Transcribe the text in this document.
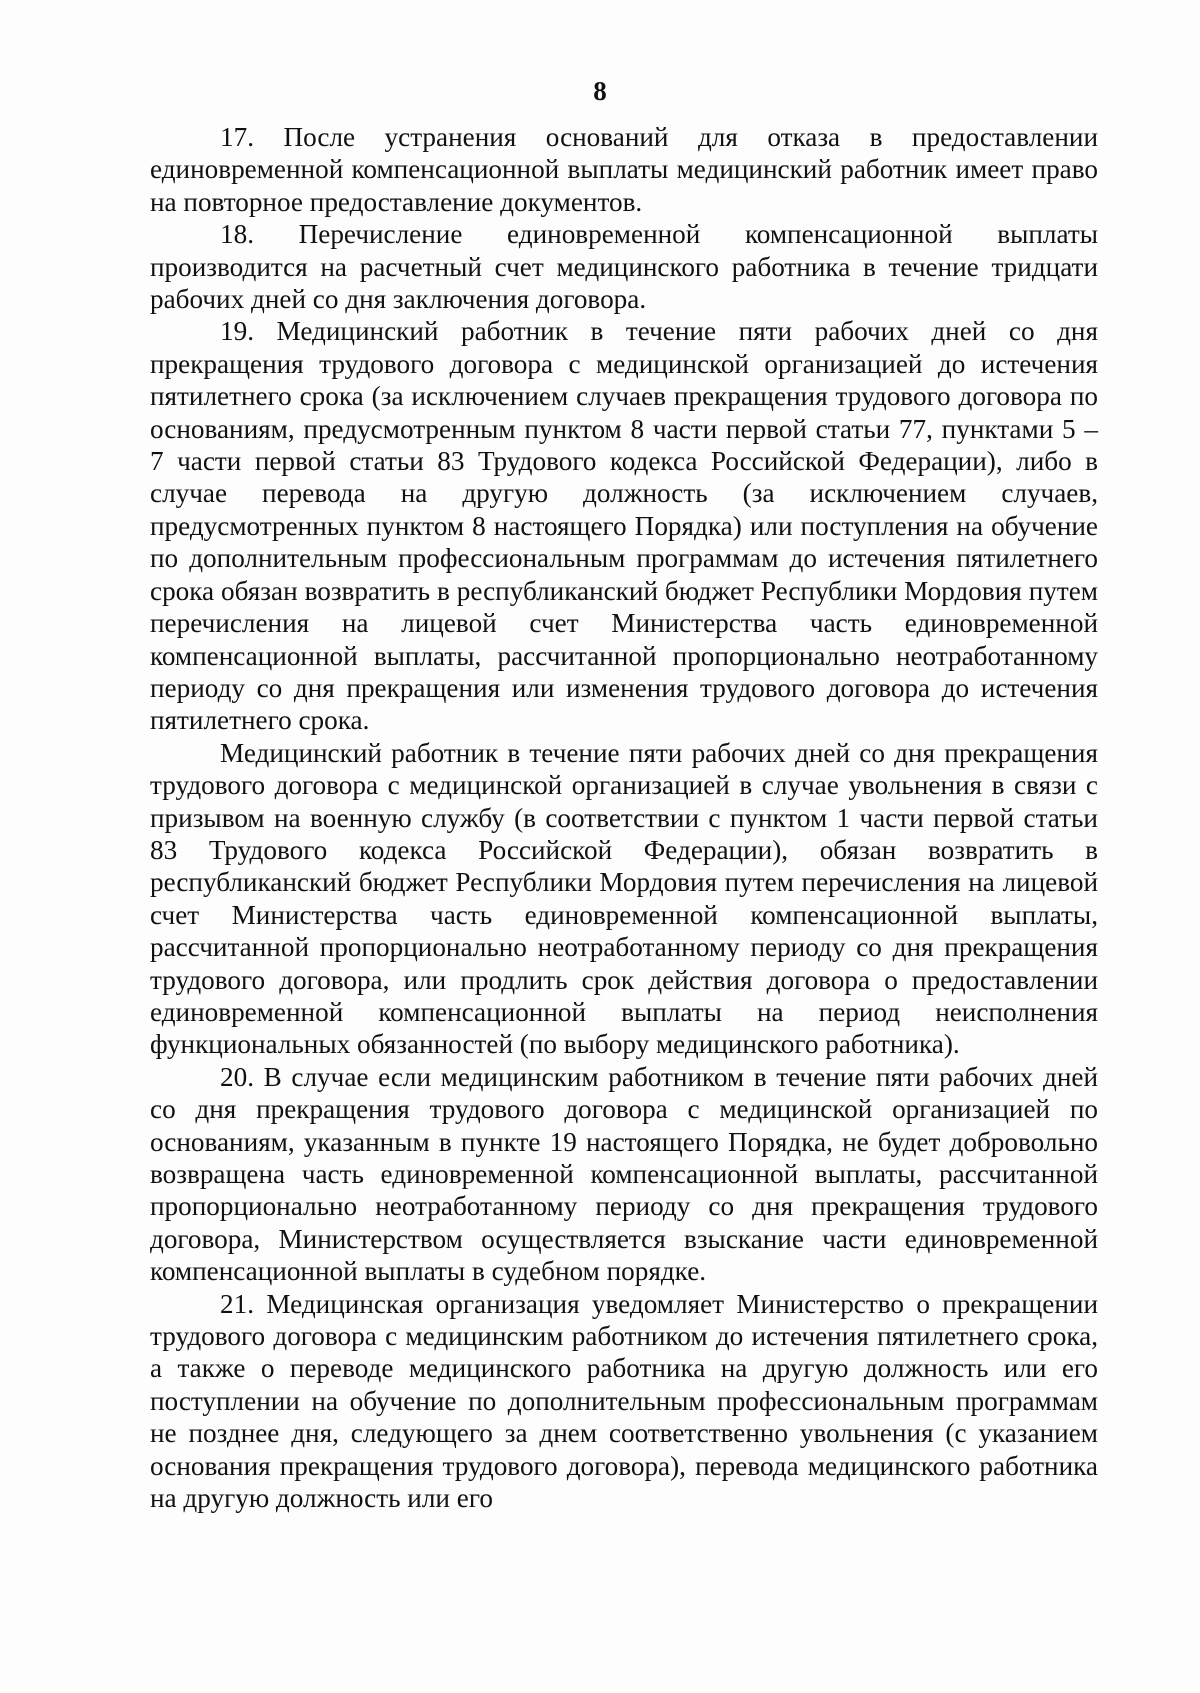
8

17. После устранения оснований для отказа в предоставлении единовременной компенсационной выплаты медицинский работник имеет право на повторное предоставление документов.

18. Перечисление единовременной компенсационной выплаты производится на расчетный счет медицинского работника в течение тридцати рабочих дней со дня заключения договора.

19. Медицинский работник в течение пяти рабочих дней со дня прекращения трудового договора с медицинской организацией до истечения пятилетнего срока (за исключением случаев прекращения трудового договора по основаниям, предусмотренным пунктом 8 части первой статьи 77, пунктами 5 – 7 части первой статьи 83 Трудового кодекса Российской Федерации), либо в случае перевода на другую должность (за исключением случаев, предусмотренных пунктом 8 настоящего Порядка) или поступления на обучение по дополнительным профессиональным программам до истечения пятилетнего срока обязан возвратить в республиканский бюджет Республики Мордовия путем перечисления на лицевой счет Министерства часть единовременной компенсационной выплаты, рассчитанной пропорционально неотработанному периоду со дня прекращения или изменения трудового договора до истечения пятилетнего срока.

Медицинский работник в течение пяти рабочих дней со дня прекращения трудового договора с медицинской организацией в случае увольнения в связи с призывом на военную службу (в соответствии с пунктом 1 части первой статьи 83 Трудового кодекса Российской Федерации), обязан возвратить в республиканский бюджет Республики Мордовия путем перечисления на лицевой счет Министерства часть единовременной компенсационной выплаты, рассчитанной пропорционально неотработанному периоду со дня прекращения трудового договора, или продлить срок действия договора о предоставлении единовременной компенсационной выплаты на период неисполнения функциональных обязанностей (по выбору медицинского работника).

20. В случае если медицинским работником в течение пяти рабочих дней со дня прекращения трудового договора с медицинской организацией по основаниям, указанным в пункте 19 настоящего Порядка, не будет добровольно возвращена часть единовременной компенсационной выплаты, рассчитанной пропорционально неотработанному периоду со дня прекращения трудового договора, Министерством осуществляется взыскание части единовременной компенсационной выплаты в судебном порядке.

21. Медицинская организация уведомляет Министерство о прекращении трудового договора с медицинским работником до истечения пятилетнего срока, а также о переводе медицинского работника на другую должность или его поступлении на обучение по дополнительным профессиональным программам не позднее дня, следующего за днем соответственно увольнения (с указанием основания прекращения трудового договора), перевода медицинского работника на другую должность или его
